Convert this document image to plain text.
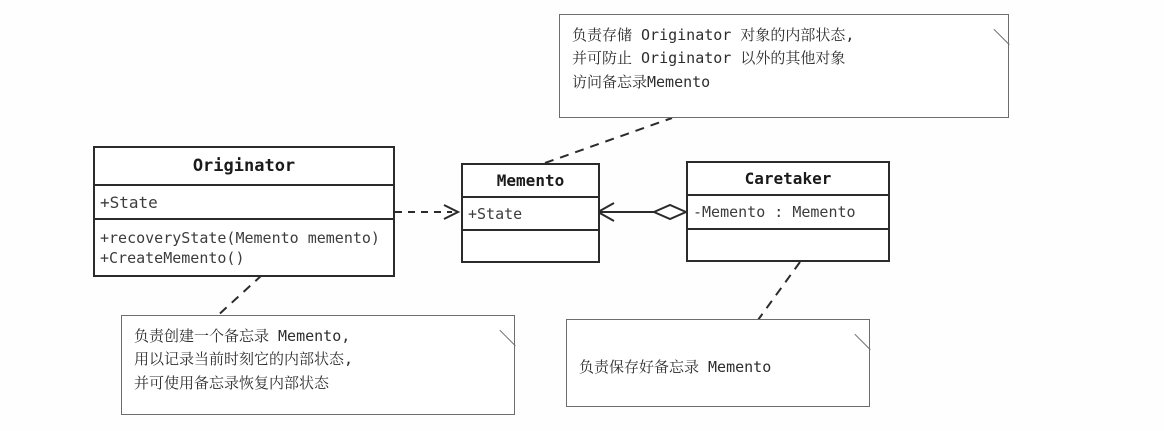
Originator
+State
+recoveryState(Memento memento)
+CreateMemento()
Memento
+State
Caretaker
-Memento : Memento
负责存储 Originator 对象的内部状态,
并可防止 Originator 以外的其他对象
访问备忘录Memento
负责创建一个备忘录 Memento,
用以记录当前时刻它的内部状态,
并可使用备忘录恢复内部状态
负责保存好备忘录 Memento
